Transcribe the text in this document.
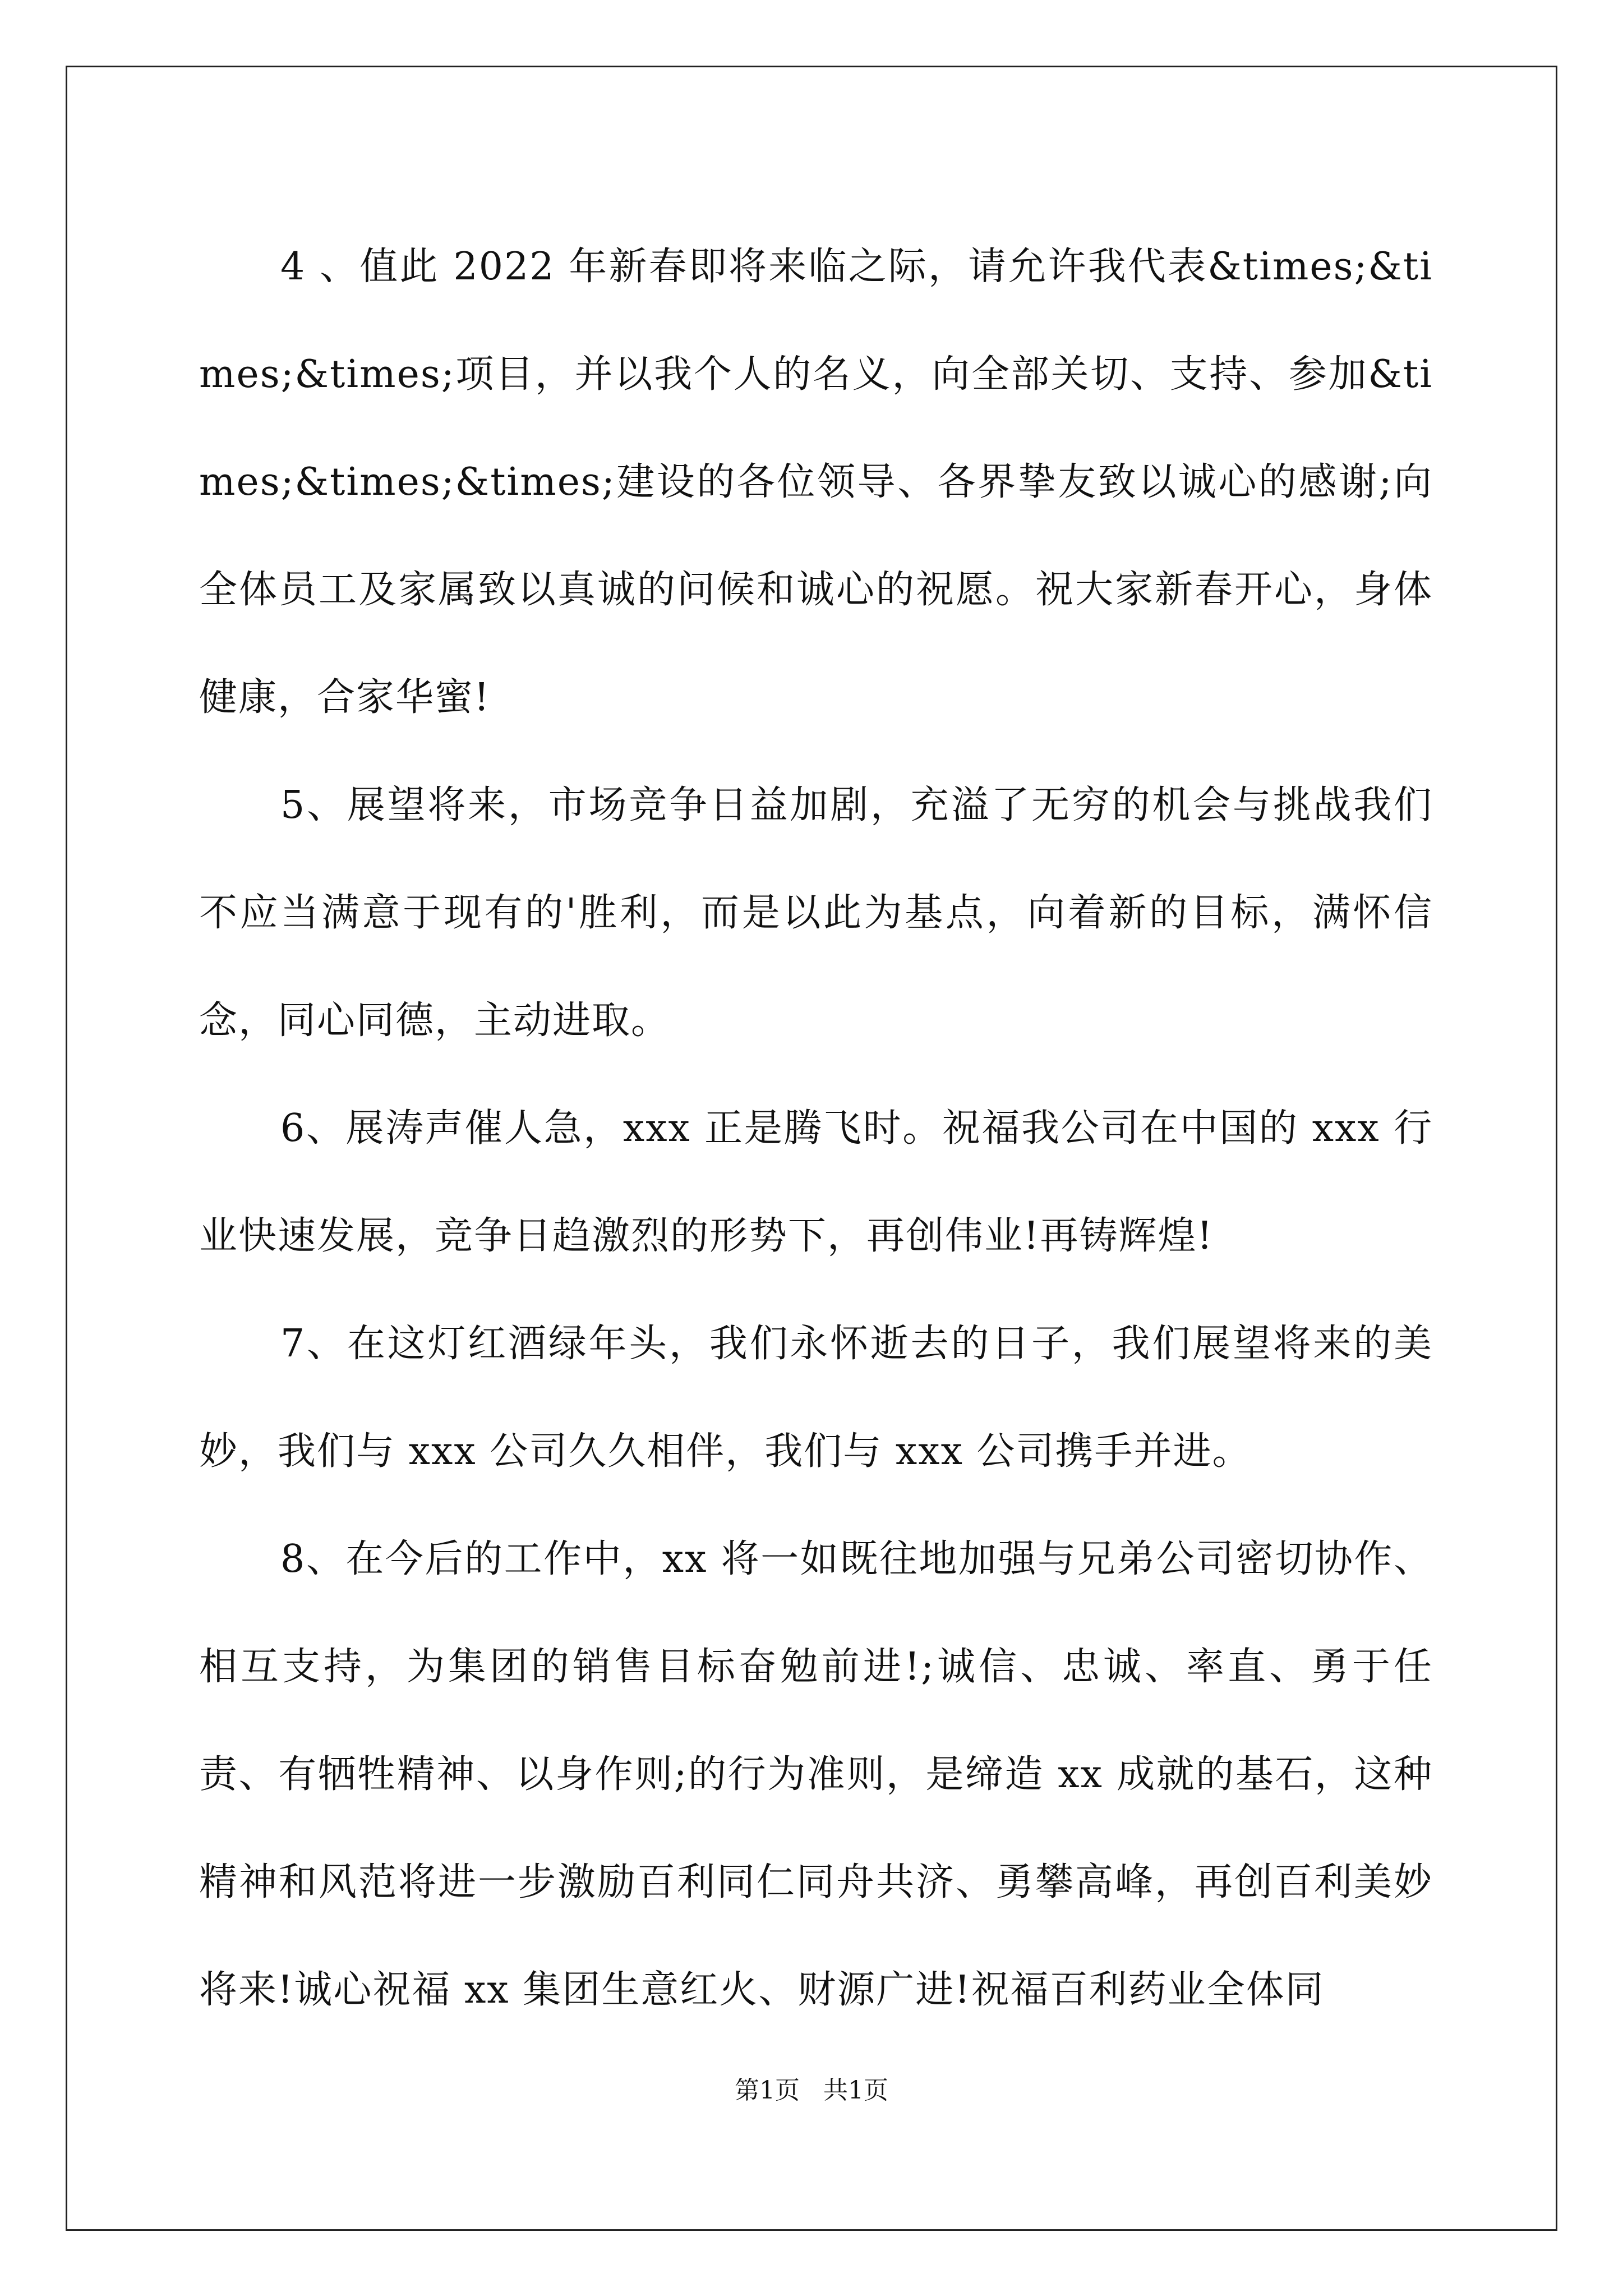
4 、值此 2022 年新春即将来临之际，请允许我代表&times;&times;&times;项目，并以我个人的名义，向全部关切、支持、参加&times;&times;&times;建设的各位领导、各界挚友致以诚心的感谢;向全体员工及家属致以真诚的问候和诚心的祝愿。祝大家新春开心，身体健康，合家华蜜!

5、展望将来，市场竞争日益加剧，充溢了无穷的机会与挑战我们不应当满意于现有的'胜利，而是以此为基点，向着新的目标，满怀信念，同心同德，主动进取。

6、展涛声催人急，xxx 正是腾飞时。祝福我公司在中国的 xxx 行业快速发展，竞争日趋激烈的形势下，再创伟业!再铸辉煌!

7、在这灯红酒绿年头，我们永怀逝去的日子，我们展望将来的美妙，我们与 xxx 公司久久相伴，我们与 xxx 公司携手并进。

8、在今后的工作中，xx 将一如既往地加强与兄弟公司密切协作、相互支持，为集团的销售目标奋勉前进!;诚信、忠诚、率直、勇于任责、有牺牲精神、以身作则;的行为准则，是缔造 xx 成就的基石，这种精神和风范将进一步激励百利同仁同舟共济、勇攀高峰，再创百利美妙将来!诚心祝福 xx 集团生意红火、财源广进!祝福百利药业全体同

第1页   共1页
